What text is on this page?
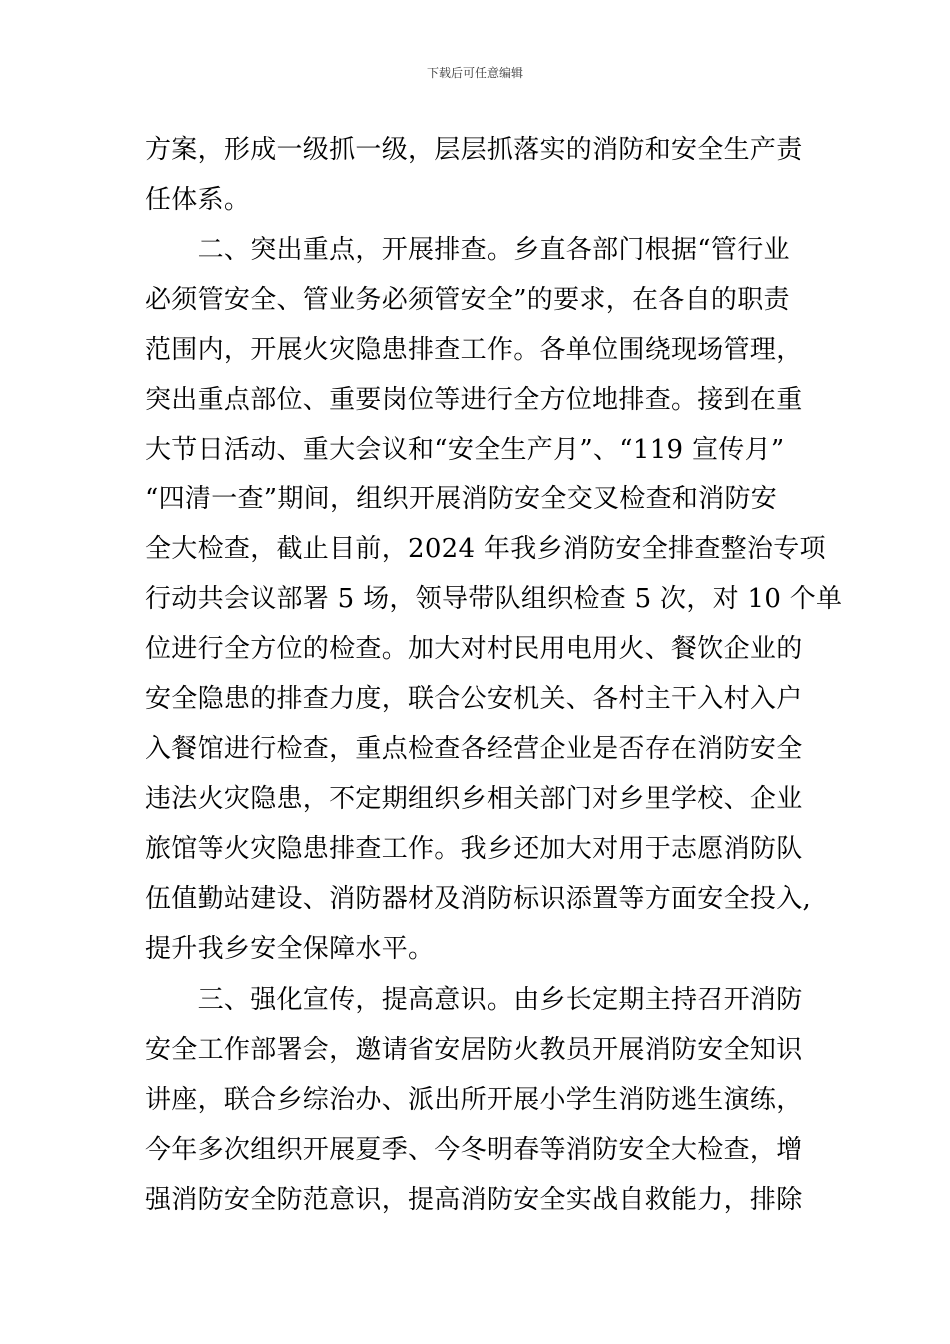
下载后可任意编辑
方案，形成一级抓一级，层层抓落实的消防和安全生产责
任体系。
　　二、突出重点，开展排查。乡直各部门根据“管行业
必须管安全、管业务必须管安全”的要求，在各自的职责
范围内，开展火灾隐患排查工作。各单位围绕现场管理，
突出重点部位、重要岗位等进行全方位地排查。接到在重
大节日活动、重大会议和“安全生产月”、“119 宣传月”
“四清一查”期间，组织开展消防安全交叉检查和消防安
全大检查，截止目前，2024 年我乡消防安全排查整治专项
行动共会议部署 5 场，领导带队组织检查 5 次，对 10 个单
位进行全方位的检查。加大对村民用电用火、餐饮企业的
安全隐患的排查力度，联合公安机关、各村主干入村入户
入餐馆进行检查，重点检查各经营企业是否存在消防安全
违法火灾隐患，不定期组织乡相关部门对乡里学校、企业
旅馆等火灾隐患排查工作。我乡还加大对用于志愿消防队
伍值勤站建设、消防器材及消防标识添置等方面安全投入,
提升我乡安全保障水平。
　　三、强化宣传，提高意识。由乡长定期主持召开消防
安全工作部署会，邀请省安居防火教员开展消防安全知识
讲座，联合乡综治办、派出所开展小学生消防逃生演练，
今年多次组织开展夏季、今冬明春等消防安全大检查，增
强消防安全防范意识，提高消防安全实战自救能力，排除
